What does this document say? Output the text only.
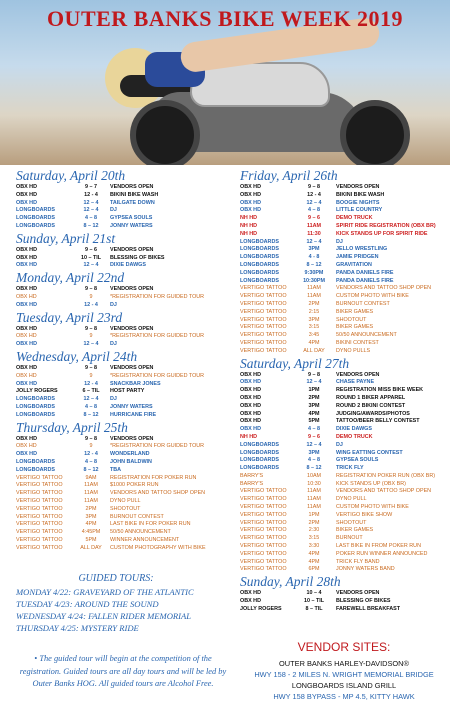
OUTER BANKS BIKE WEEK 2019
Saturday, April 20th
OBX HD	9 – 7	VENDORS OPEN
OBX HD	12 - 4	BIKINI BIKE WASH
OBX HD	12 – 4	TAILGATE DOWN
LONGBOARDS	12 – 4	DJ
LONGBOARDS	4 – 8	GYPSEA SOULS
LONGBOARDS	8 – 12	JONNY WATERS
Sunday, April 21st
OBX HD	9 – 6	VENDORS OPEN
OBX HD	10 – TIL	BLESSING OF BIKES
OBX HD	12 – 4	DIXIE DAWGS
Monday, April 22nd
OBX HD	9 – 8	VENDORS OPEN
OBX HD	9	*REGISTRATION FOR GUIDED TOUR
OBX HD	12 - 4	DJ
Tuesday, April 23rd
OBX HD	9 – 8	VENDORS OPEN
OBX HD	9	*REGISTRATION FOR GUIDED TOUR
OBX HD	12 – 4	DJ
Wednesday, April 24th
OBX HD	9 – 8	VENDORS OPEN
OBX HD	9	*REGISTRATION FOR GUIDED TOUR
OBX HD	12 - 4	SNACKBAR JONES
JOLLY ROGERS	6 – TIL	HOST PARTY
LONGBOARDS	12 – 4	DJ
LONGBOARDS	4 – 8	JONNY WATERS
LONGBOARDS	8 – 12	HURRICANE FIRE
Thursday, April 25th
OBX HD	9 – 8	VENDORS OPEN
OBX HD	9	*REGISTRATION FOR GUIDED TOUR
OBX HD	12 - 4	WONDERLAND
LONGBOARDS	4 – 8	JOHN BALDWIN
LONGBOARDS	8 – 12	TBA
VERTIGO TATTOO	9AM	REGISTRATION FOR POKER RUN
VERTIGO TATTOO	11AM	$1000 POKER RUN
VERTIGO TATTOO	11AM	VENDORS AND TATTOO SHOP OPEN
VERTIGO TATTOO	11AM	DYNO PULL
VERTIGO TATTOO	2PM	SHOOTOUT
VERTIGO TATTOO	3PM	BURNOUT CONTEST
VERTIGO TATTOO	4PM	LAST BIKE IN FOR POKER RUN
VERTIGO TATTOO	4:45PM	50/50 ANNOUNCEMENT
VERTIGO TATTOO	5PM	WINNER ANNOUNCEMENT
VERTIGO TATTOO	ALL DAY	CUSTOM PHOTOGRAPHY WITH BIKE
Friday, April 26th
OBX HD	9 – 8	VENDORS OPEN
OBX HD	12 - 4	BIKINI BIKE WASH
OBX HD	12 – 4	BOOGIE NIGHTS
OBX HD	4 – 8	LITTLE COUNTRY
NH HD	9 – 6	DEMO TRUCK
NH HD	11AM	SPIRIT RIDE REGISTRATION (OBX BR)
NH HD	11:30	KICK STANDS UP FOR SPIRIT RIDE
LONGBOARDS	12 – 4	DJ
LONGBOARDS	3PM	JELLO WRESTLING
LONGBOARDS	4 - 8	JAMIE PRIDGEN
LONGBOARDS	8 – 12	GRAVITATION
LONGBOARDS	9:30PM	PANDA DANIELS FIRE
LONGBOARDS	10:30PM	PANDA DANIELS FIRE
VERTIGO TATTOO	11AM	VENDORS AND TATTOO SHOP OPEN
VERTIGO TATTOO	11AM	CUSTOM PHOTO WITH BIKE
VERTIGO TATTOO	2PM	BURNOUT CONTEST
VERTIGO TATTOO	2:15	BIKER GAMES
VERTIGO TATTOO	3PM	SHOOTOUT
VERTIGO TATTOO	3:15	BIKER GAMES
VERTIGO TATTOO	3:45	50/50 ANNOUNCEMENT
VERTIGO TATTOO	4PM	BIKINI CONTEST
VERTIGO TATTOO	ALL DAY	DYNO PULLS
Saturday, April 27th
OBX HD	9 – 8	VENDORS OPEN
OBX HD	12 – 4	CHASE PAYNE
OBX HD	1PM	REGISTRATION MISS BIKE WEEK
OBX HD	2PM	ROUND 1 BIKER APPAREL
OBX HD	3PM	ROUND 2 BIKINI CONTEST
OBX HD	4PM	JUDGING/AWARDS/PHOTOS
OBX HD	5PM	TATTOO/BEER BELLY CONTEST
OBX HD	4 – 8	DIXIE DAWGS
NH HD	9 – 6	DEMO TRUCK
LONGBOARDS	12 – 4	DJ
LONGBOARDS	3PM	WING EATTING CONTEST
LONGBOARDS	4 – 8	GYPSEA SOULS
LONGBOARDS	8 – 12	TRICK FLY
BARRY'S	10AM	REGISTRATION POKER RUN (OBX BR)
BARRY'S	10:30	KICK STANDS UP (OBX BR)
VERTIGO TATTOO	11AM	VENDORS AND TATTOO SHOP OPEN
VERTIGO TATTOO	11AM	DYNO PULL
VERTIGO TATTOO	11AM	CUSTOM PHOTO WITH BIKE
VERTIGO TATTOO	1PM	VERTIGO BIKE SHOW
VERTIGO TATTOO	2PM	SHOOTOUT
VERTIGO TATTOO	2:30	BIKER GAMES
VERTIGO TATTOO	3:15	BURNOUT
VERTIGO TATTOO	3:30	LAST BIKE IN FROM POKER RUN
VERTIGO TATTOO	4PM	POKER RUN WINNER ANNOUNCED
VERTIGO TATTOO	4PM	TRICK FLY BAND
VERTIGO TATTOO	6PM	JONNY WATERS BAND
Sunday, April 28th
OBX HD	10 – 4	VENDORS OPEN
OBX HD	10 – TIL	BLESSING OF BIKES
JOLLY ROGERS	8 – TIL	FAREWELL BREAKFAST
GUIDED TOURS:
MONDAY 4/22: GRAVEYARD OF THE ATLANTIC
TUESDAY 4/23: AROUND THE SOUND
WEDNESDAY 4/24: FALLEN RIDER MEMORIAL
THURSDAY 4/25: MYSTERY RIDE
• The guided tour will begin at the competition of the registration. Guided tours are all day tours and will be led by Outer Banks HOG. All guided tours are Alcohol Free.
VENDOR SITES:
OUTER BANKS HARLEY-DAVIDSON®
HWY 158 - 2 MILES N. WRIGHT MEMORIAL BRIDGE
LONGBOARDS ISLAND GRILL
HWY 158 BYPASS - MP 4.5, KITTY HAWK
